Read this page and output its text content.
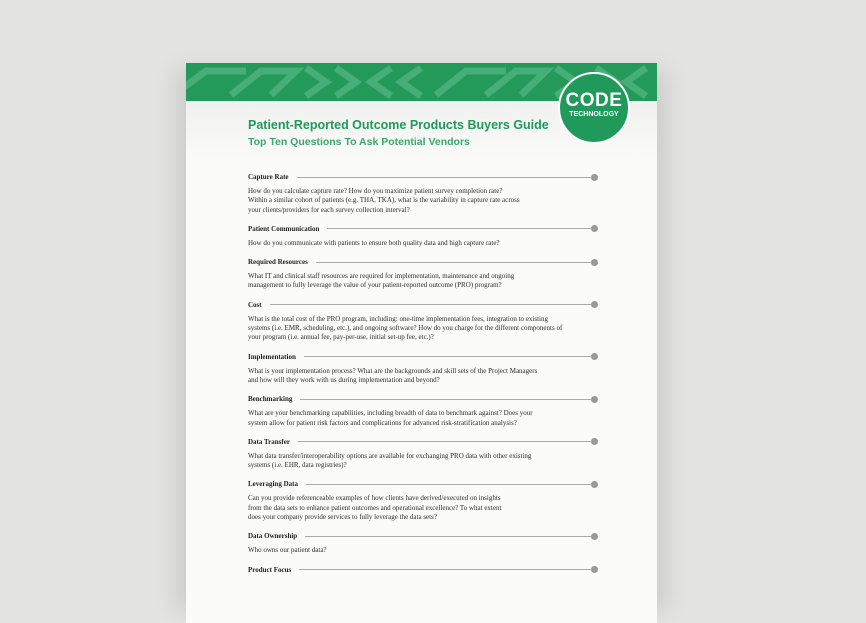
CODE
TECHNOLOGY
Patient-Reported Outcome Products Buyers Guide
Top Ten Questions To Ask Potential Vendors
Capture Rate
How do you calculate capture rate? How do you maximize patient survey completion rate?
Within a similar cohort of patients (e.g. THA, TKA), what is the variability in capture rate across
your clients/providers for each survey collection interval?
Patient Communication
How do you communicate with patients to ensure both quality data and high capture rate?
Required Resources
What IT and clinical staff resources are required for implementation, maintenance and ongoing
management to fully leverage the value of your patient-reported outcome (PRO) program?
Cost
What is the total cost of the PRO program, including: one-time implementation fees, integration to existing
systems (i.e. EMR, scheduling, etc.), and ongoing software? How do you charge for the different components of
your program (i.e. annual fee, pay-per-use, initial set-up fee, etc.)?
Implementation
What is your implementation process? What are the backgrounds and skill sets of the Project Managers
and how will they work with us during implementation and beyond?
Benchmarking
What are your benchmarking capabilities, including breadth of data to benchmark against? Does your
system allow for patient risk factors and complications for advanced risk-stratification analysis?
Data Transfer
What data transfer/interoperability options are available for exchanging PRO data with other existing
systems (i.e. EHR, data registries)?
Leveraging Data
Can you provide referenceable examples of how clients have derived/executed on insights
from the data sets to enhance patient outcomes and operational excellence? To what extent
does your company provide services to fully leverage the data sets?
Data Ownership
Who owns our patient data?
Product Focus
